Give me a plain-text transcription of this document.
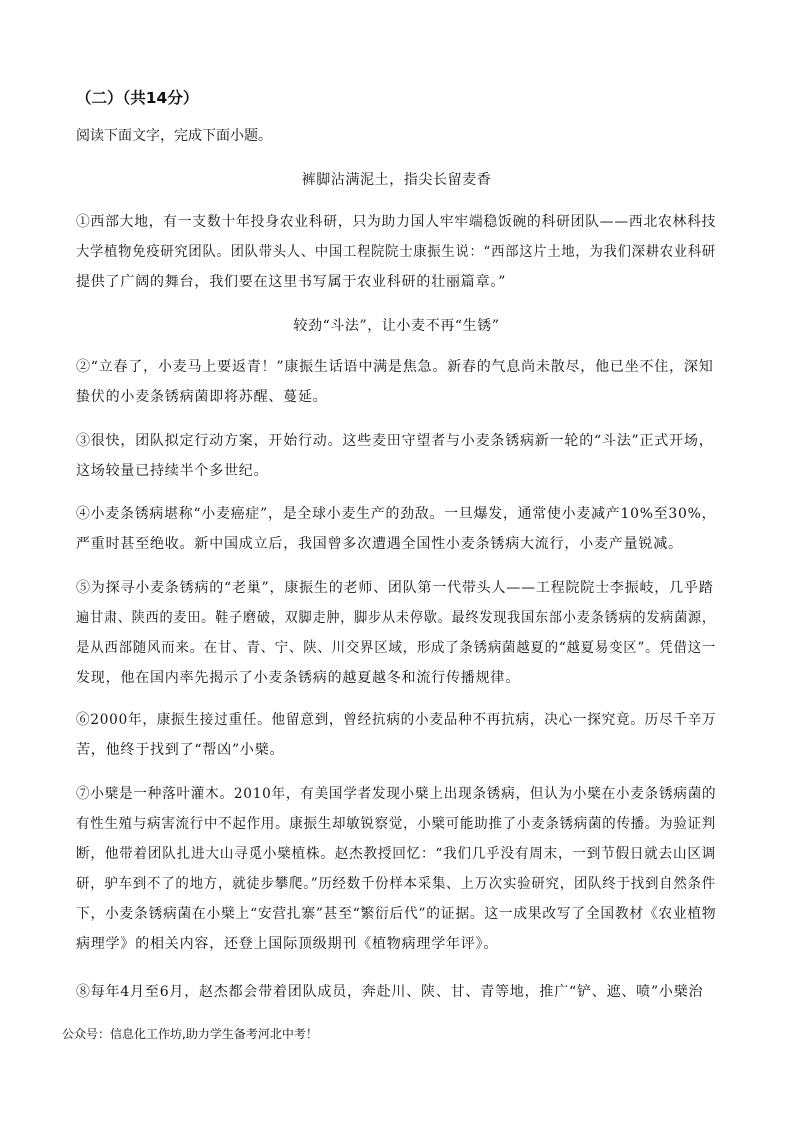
（二）（共14分）
阅读下面文字，完成下面小题。
裤脚沾满泥土，指尖长留麦香
①西部大地，有一支数十年投身农业科研，只为助力国人牢牢端稳饭碗的科研团队——西北农林科技
大学植物免疫研究团队。团队带头人、中国工程院院士康振生说：“西部这片土地，为我们深耕农业科研
提供了广阔的舞台，我们要在这里书写属于农业科研的壮丽篇章。”
较劲“斗法”，让小麦不再“生锈”
②“立春了，小麦马上要返青！”康振生话语中满是焦急。新春的气息尚未散尽，他已坐不住，深知
蛰伏的小麦条锈病菌即将苏醒、蔓延。
③很快，团队拟定行动方案，开始行动。这些麦田守望者与小麦条锈病新一轮的“斗法”正式开场，
这场较量已持续半个多世纪。
④小麦条锈病堪称“小麦癌症”，是全球小麦生产的劲敌。一旦爆发，通常使小麦减产10%至30%，
严重时甚至绝收。新中国成立后，我国曾多次遭遇全国性小麦条锈病大流行，小麦产量锐减。
⑤为探寻小麦条锈病的“老巢”，康振生的老师、团队第一代带头人——工程院院士李振岐，几乎踏
遍甘肃、陕西的麦田。鞋子磨破，双脚走肿，脚步从未停歇。最终发现我国东部小麦条锈病的发病菌源，
是从西部随风而来。在甘、青、宁、陕、川交界区域，形成了条锈病菌越夏的“越夏易变区”。凭借这一
发现，他在国内率先揭示了小麦条锈病的越夏越冬和流行传播规律。
⑥2000年，康振生接过重任。他留意到，曾经抗病的小麦品种不再抗病，决心一探究竟。历尽千辛万
苦，他终于找到了“帮凶”小檗。
⑦小檗是一种落叶灌木。2010年，有美国学者发现小檗上出现条锈病，但认为小檗在小麦条锈病菌的
有性生殖与病害流行中不起作用。康振生却敏锐察觉，小檗可能助推了小麦条锈病菌的传播。为验证判
断，他带着团队扎进大山寻觅小檗植株。赵杰教授回忆：“我们几乎没有周末，一到节假日就去山区调
研，驴车到不了的地方，就徒步攀爬。”历经数千份样本采集、上万次实验研究，团队终于找到自然条件
下，小麦条锈病菌在小檗上“安营扎寨”甚至“繁衍后代”的证据。这一成果改写了全国教材《农业植物
病理学》的相关内容，还登上国际顶级期刊《植物病理学年评》。
⑧每年4月至6月，赵杰都会带着团队成员，奔赴川、陕、甘、青等地，推广“铲、遮、喷”小檗治
公众号：信息化工作坊,助力学生备考河北中考！
